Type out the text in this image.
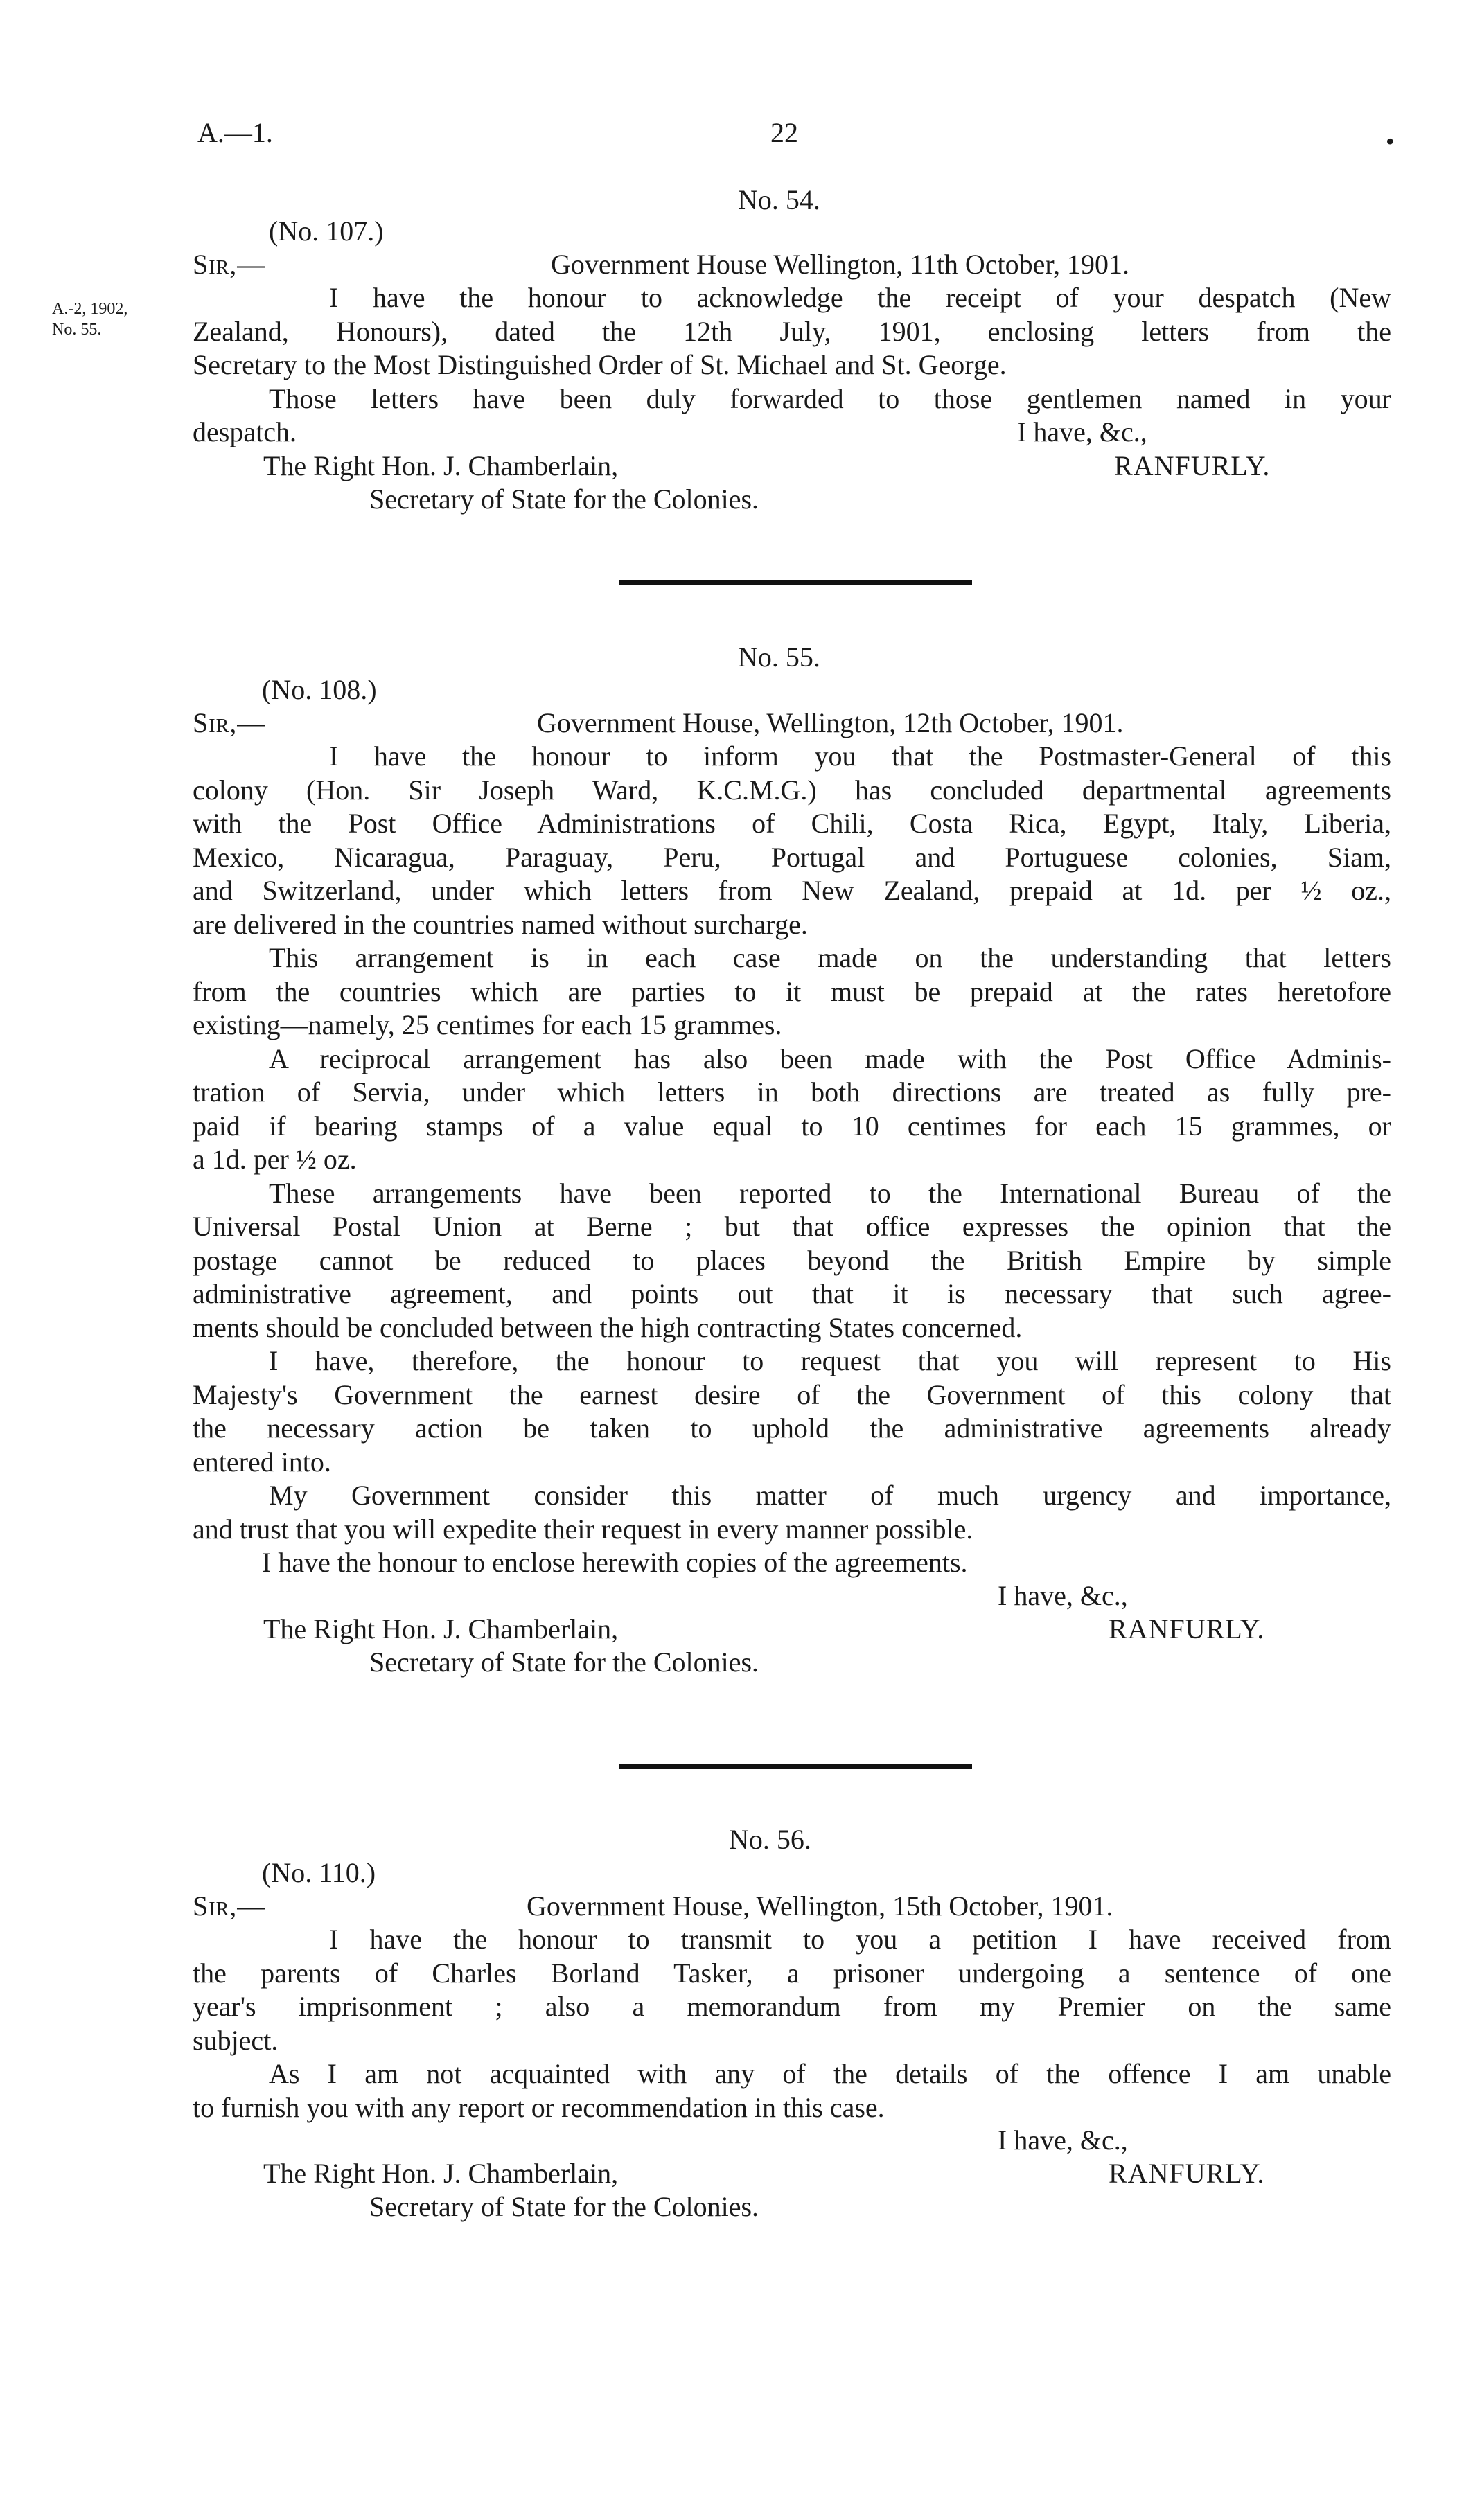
A.—1.	22	•
A.-2, 1902,
No. 55.
No. 54.
(No. 107.)
Sir,—	Government House Wellington, 11th October, 1901.
I have the honour to acknowledge the receipt of your despatch (New
Zealand, Honours), dated the 12th July, 1901, enclosing letters from the
Secretary to the Most Distinguished Order of St. Michael and St. George.
Those letters have been duly forwarded to those gentlemen named in your
despatch.	I have, &c.,
RANFURLY.
The Right Hon. J. Chamberlain,
Secretary of State for the Colonies.
No. 55.
(No. 108.)
Sir,—	Government House, Wellington, 12th October, 1901.
I have the honour to inform you that the Postmaster-General of this
colony (Hon. Sir Joseph Ward, K.C.M.G.) has concluded departmental agreements
with the Post Office Administrations of Chili, Costa Rica, Egypt, Italy, Liberia,
Mexico, Nicaragua, Paraguay, Peru, Portugal and Portuguese colonies, Siam,
and Switzerland, under which letters from New Zealand, prepaid at 1d. per ½ oz.,
are delivered in the countries named without surcharge.
This arrangement is in each case made on the understanding that letters
from the countries which are parties to it must be prepaid at the rates heretofore
existing—namely, 25 centimes for each 15 grammes.
A reciprocal arrangement has also been made with the Post Office Adminis-
tration of Servia, under which letters in both directions are treated as fully pre-
paid if bearing stamps of a value equal to 10 centimes for each 15 grammes, or
a 1d. per ½ oz.
These arrangements have been reported to the International Bureau of the
Universal Postal Union at Berne ; but that office expresses the opinion that the
postage cannot be reduced to places beyond the British Empire by simple
administrative agreement, and points out that it is necessary that such agree-
ments should be concluded between the high contracting States concerned.
I have, therefore, the honour to request that you will represent to His
Majesty's Government the earnest desire of the Government of this colony that
the necessary action be taken to uphold the administrative agreements already
entered into.
My Government consider this matter of much urgency and importance,
and trust that you will expedite their request in every manner possible.
I have the honour to enclose herewith copies of the agreements.
I have, &c.,
RANFURLY.
The Right Hon. J. Chamberlain,
Secretary of State for the Colonies.
No. 56.
(No. 110.)
Sir,—	Government House, Wellington, 15th October, 1901.
I have the honour to transmit to you a petition I have received from
the parents of Charles Borland Tasker, a prisoner undergoing a sentence of one
year's imprisonment ; also a memorandum from my Premier on the same
subject.
As I am not acquainted with any of the details of the offence I am unable
to furnish you with any report or recommendation in this case.
I have, &c.,
RANFURLY.
The Right Hon. J. Chamberlain,
Secretary of State for the Colonies.
